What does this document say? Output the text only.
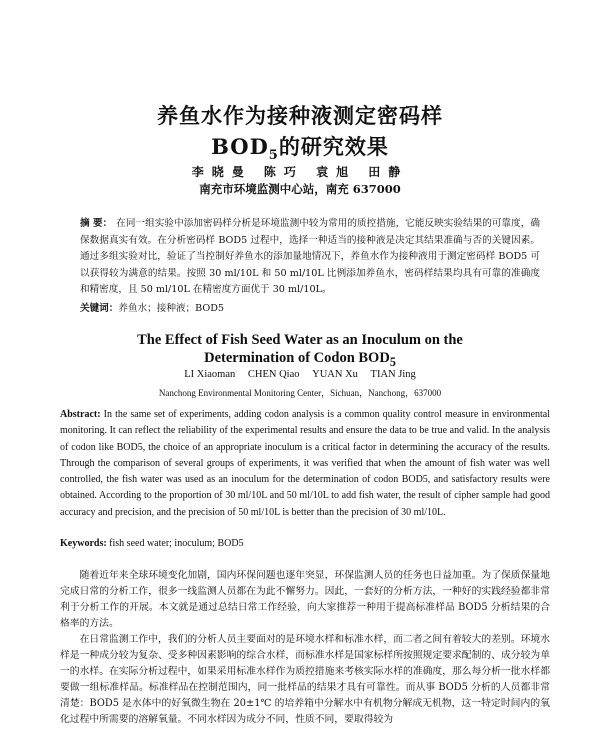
养鱼水作为接种液测定密码样
$BOD_5$的研究效果
李晓曼 陈巧 袁旭 田静
南充市环境监测中心站，南充 637000
摘 要： 在同一组实验中添加密码样分析是环境监测中较为常用的质控措施，它能反映实验结果的可靠度，确保数据真实有效。在分析密码样 BOD5 过程中，选择一种适当的接种液是决定其结果准确与否的关键因素。通过多组实验对比，验证了当控制好养鱼水的添加量地情况下，养鱼水作为接种液用于测定密码样 BOD5 可以获得较为满意的结果。按照 30 ml/10L 和 50 ml/10L 比例添加养鱼水，密码样结果均具有可靠的准确度和精密度，且 50 ml/10L 在精密度方面优于 30 ml/10L。
关键词：养鱼水；接种液；BOD5
The Effect of Fish Seed Water as an Inoculum on the
Determination of Codon $BOD_5$
LI Xiaoman CHEN Qiao YUAN Xu TIAN Jing
Nanchong Environmental Monitoring Center，Sichuan，Nanchong，637000
Abstract: In the same set of experiments, adding codon analysis is a common quality control measure in environmental monitoring. It can reflect the reliability of the experimental results and ensure the data to be true and valid. In the analysis of codon like BOD5, the choice of an appropriate inoculum is a critical factor in determining the accuracy of the results. Through the comparison of several groups of experiments, it was verified that when the amount of fish water was well controlled, the fish water was used as an inoculum for the determination of codon BOD5, and satisfactory results were obtained. According to the proportion of 30 ml/10L and 50 ml/10L to add fish water, the result of cipher sample had good accuracy and precision, and the precision of 50 ml/10L is better than the precision of 30 ml/10L.
Keywords: fish seed water; inoculum; BOD5

随着近年来全球环境变化加剧，国内环保问题也逐年突显，环保监测人员的任务也日益加重。为了保质保量地完成日常的分析工作，很多一线监测人员都在为此不懈努力。因此，一套好的分析方法，一种好的实践经验都非常利于分析工作的开展。本文就是通过总结日常工作经验，向大家推荐一种用于提高标准样品 BOD5 分析结果的合格率的方法。

在日常监测工作中，我们的分析人员主要面对的是环境水样和标准水样，而二者之间有着较大的差别。环境水样是一种成分较为复杂、受多种因素影响的综合水样，而标准水样是国家标样所按照规定要求配制的、成分较为单一的水样。在实际分析过程中，如果采用标准水样作为质控措施来考核实际水样的准确度，那么每分析一批水样都要做一组标准样品。标准样品在控制范围内，同一批样品的结果才具有可靠性。而从事 BOD5 分析的人员都非常清楚：BOD5 是水体中的好氧微生物在 20±1℃ 的培养箱中分解水中有机物分解成无机物，这一特定时间内的氧化过程中所需要的溶解氧量。不同水样因为成分不同，性质不同，要取得较为
